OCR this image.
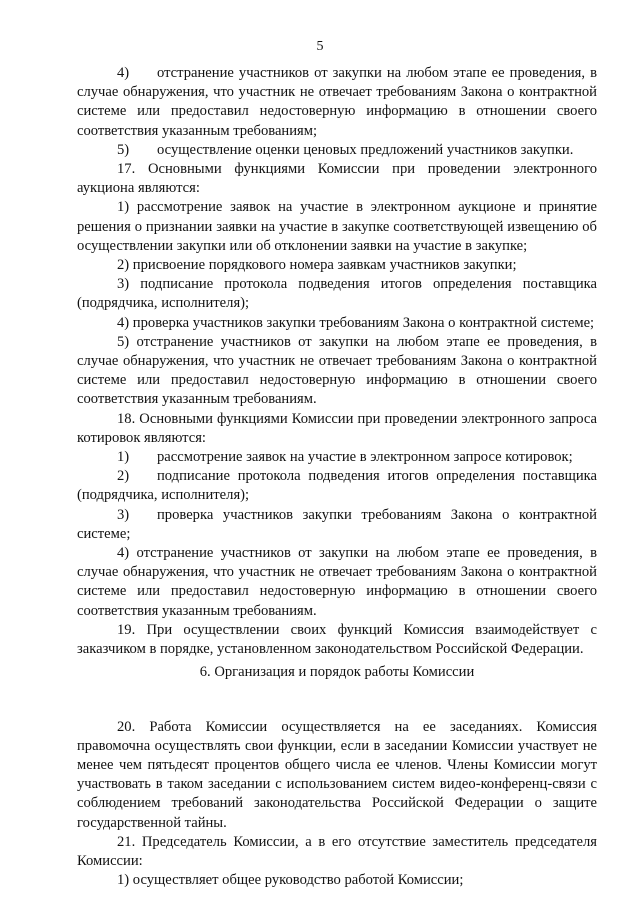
5

4) отстранение участников от закупки на любом этапе ее проведения, в случае обнаружения, что участник не отвечает требованиям Закона о контрактной системе или предоставил недостоверную информацию в отношении своего соответствия указанным требованиям;

5) осуществление оценки ценовых предложений участников закупки.

17. Основными функциями Комиссии при проведении электронного аукциона являются:

1) рассмотрение заявок на участие в электронном аукционе и принятие решения о признании заявки на участие в закупке соответствующей извещению об осуществлении закупки или об отклонении заявки на участие в закупке;

2) присвоение порядкового номера заявкам участников закупки;

3) подписание протокола подведения итогов определения поставщика (подрядчика, исполнителя);

4) проверка участников закупки требованиям Закона о контрактной системе;

5) отстранение участников от закупки на любом этапе ее проведения, в случае обнаружения, что участник не отвечает требованиям Закона о контрактной системе или предоставил недостоверную информацию в отношении своего соответствия указанным требованиям.

18. Основными функциями Комиссии при проведении электронного запроса котировок являются:

1) рассмотрение заявок на участие в электронном запросе котировок;

2) подписание протокола подведения итогов определения поставщика (подрядчика, исполнителя);

3) проверка участников закупки требованиям Закона о контрактной системе;

4) отстранение участников от закупки на любом этапе ее проведения, в случае обнаружения, что участник не отвечает требованиям Закона о контрактной системе или предоставил недостоверную информацию в отношении своего соответствия указанным требованиям.

19. При осуществлении своих функций Комиссия взаимодействует с заказчиком в порядке, установленном законодательством Российской Федерации.

6. Организация и порядок работы Комиссии

20. Работа Комиссии осуществляется на ее заседаниях. Комиссия правомочна осуществлять свои функции, если в заседании Комиссии участвует не менее чем пятьдесят процентов общего числа ее членов. Члены Комиссии могут участвовать в таком заседании с использованием систем видео-конференц-связи с соблюдением требований законодательства Российской Федерации о защите государственной тайны.

21. Председатель Комиссии, а в его отсутствие заместитель председателя Комиссии:

1) осуществляет общее руководство работой Комиссии;
